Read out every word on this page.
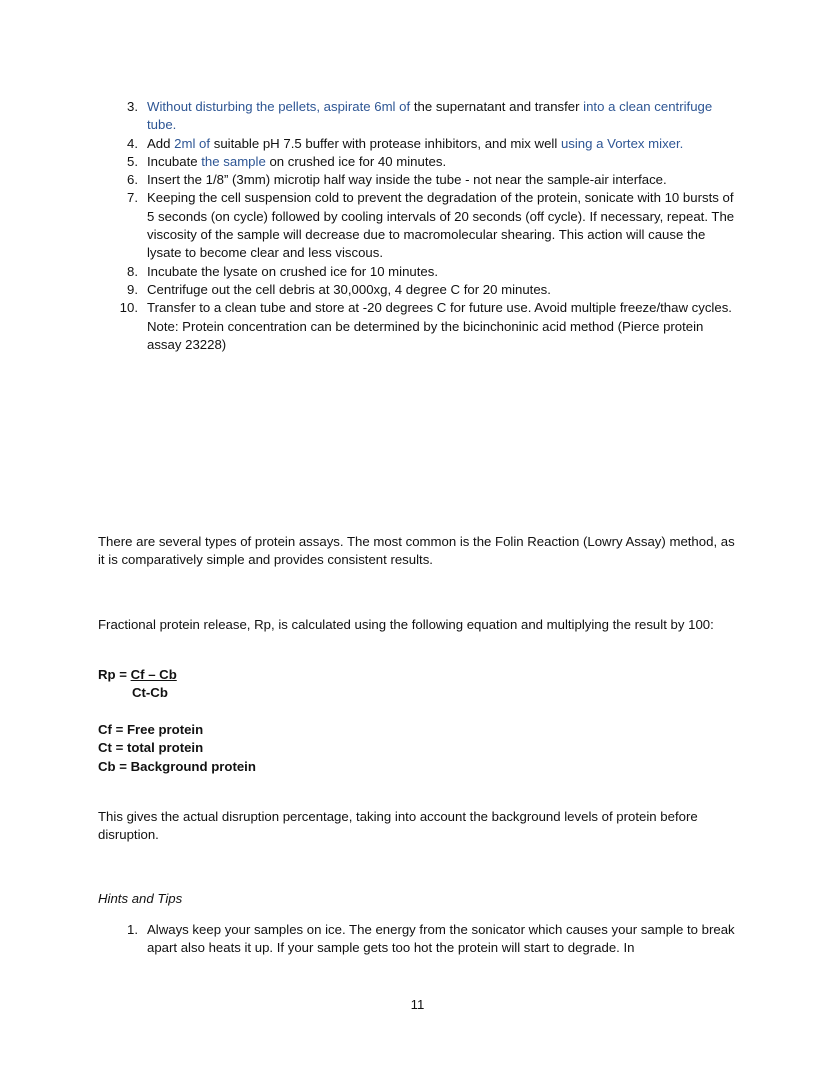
3. Without disturbing the pellets, aspirate 6ml of the supernatant and transfer into a clean centrifuge tube.
4. Add 2ml of suitable pH 7.5 buffer with protease inhibitors, and mix well using a Vortex mixer.
5. Incubate the sample on crushed ice for 40 minutes.
6. Insert the 1/8” (3mm) microtip half way inside the tube - not near the sample-air interface.
7. Keeping the cell suspension cold to prevent the degradation of the protein, sonicate with 10 bursts of 5 seconds (on cycle) followed by cooling intervals of 20 seconds (off cycle). If necessary, repeat. The viscosity of the sample will decrease due to macromolecular shearing. This action will cause the lysate to become clear and less viscous.
8. Incubate the lysate on crushed ice for 10 minutes.
9. Centrifuge out the cell debris at 30,000xg, 4 degree C for 20 minutes.
10. Transfer to a clean tube and store at -20 degrees C for future use. Avoid multiple freeze/thaw cycles.
Note: Protein concentration can be determined by the bicinchoninic acid method (Pierce protein assay 23228)

There are several types of protein assays. The most common is the Folin Reaction (Lowry Assay) method, as it is comparatively simple and provides consistent results.

Fractional protein release, Rp, is calculated using the following equation and multiplying the result by 100:

Rp = Cf – Cb
Ct-Cb
Cf = Free protein
Ct = total protein
Cb = Background protein

This gives the actual disruption percentage, taking into account the background levels of protein before disruption.

Hints and Tips

1. Always keep your samples on ice. The energy from the sonicator which causes your sample to break apart also heats it up. If your sample gets too hot the protein will start to degrade. In
11
